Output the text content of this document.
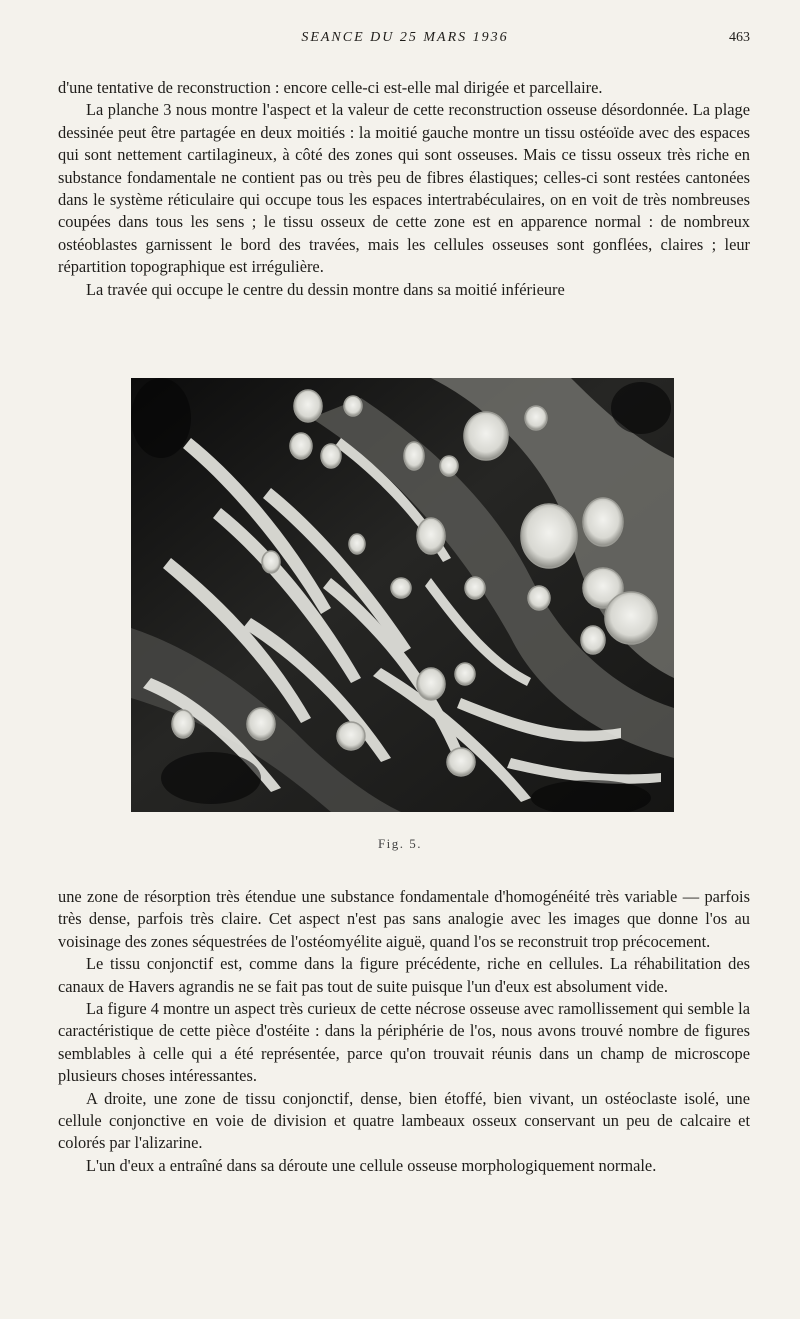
SEANCE DU 25 MARS 1936	463

d'une tentative de reconstruction : encore celle-ci est-elle mal dirigée et parcellaire.

La planche 3 nous montre l'aspect et la valeur de cette reconstruction osseuse désordonnée. La plage dessinée peut être partagée en deux moitiés : la moitié gauche montre un tissu ostéoïde avec des espaces qui sont nettement cartilagineux, à côté des zones qui sont osseuses. Mais ce tissu osseux très riche en substance fondamentale ne contient pas ou très peu de fibres élastiques; celles-ci sont restées cantonées dans le système réticulaire qui occupe tous les espaces intertrabéculaires, on en voit de très nombreuses coupées dans tous les sens ; le tissu osseux de cette zone est en apparence normal : de nombreux ostéoblastes garnissent le bord des travées, mais les cellules osseuses sont gonflées, claires ; leur répartition topographique est irrégulière.

La travée qui occupe le centre du dessin montre dans sa moitié inférieure

Fig. 5.

une zone de résorption très étendue une substance fondamentale d'homogénéité très variable — parfois très dense, parfois très claire. Cet aspect n'est pas sans analogie avec les images que donne l'os au voisinage des zones séquestrées de l'ostéomyélite aiguë, quand l'os se reconstruit trop précocement.

Le tissu conjonctif est, comme dans la figure précédente, riche en cellules. La réhabilitation des canaux de Havers agrandis ne se fait pas tout de suite puisque l'un d'eux est absolument vide.

La figure 4 montre un aspect très curieux de cette nécrose osseuse avec ramollissement qui semble la caractéristique de cette pièce d'ostéite : dans la périphérie de l'os, nous avons trouvé nombre de figures semblables à celle qui a été représentée, parce qu'on trouvait réunis dans un champ de microscope plusieurs choses intéressantes.

A droite, une zone de tissu conjonctif, dense, bien étoffé, bien vivant, un ostéoclaste isolé, une cellule conjonctive en voie de division et quatre lambeaux osseux conservant un peu de calcaire et colorés par l'alizarine.

L'un d'eux a entraîné dans sa déroute une cellule osseuse morphologiquement normale.
